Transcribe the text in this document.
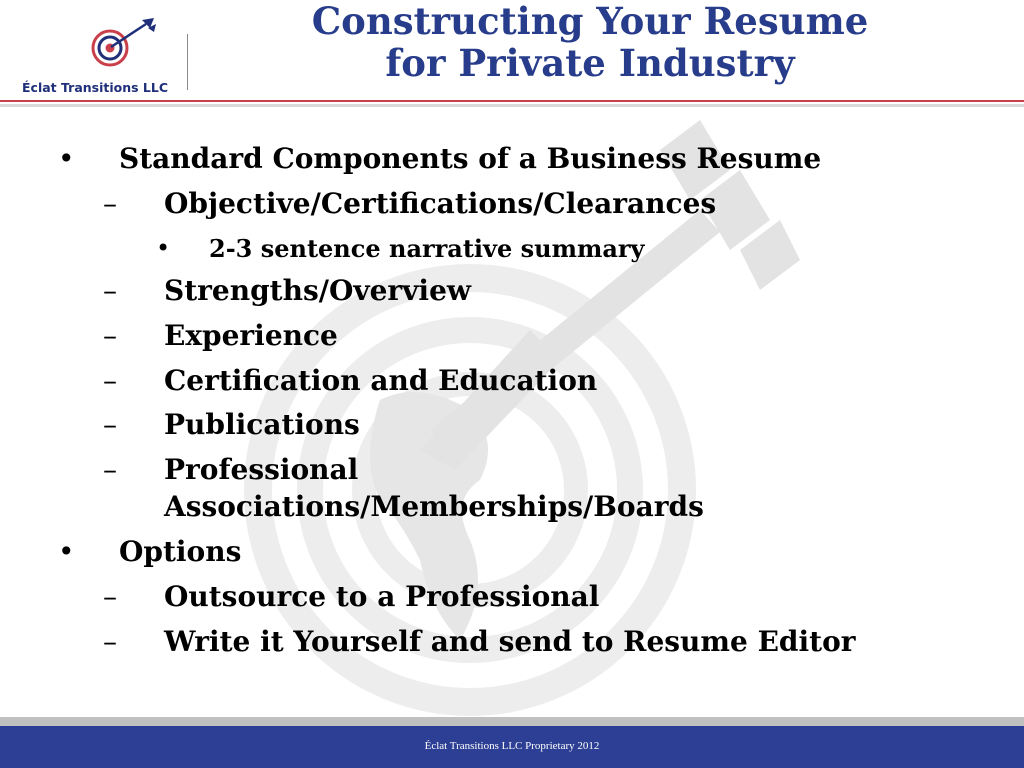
Éclat Transitions LLC
Constructing Your Resume
for Private Industry
• Standard Components of a Business Resume
– Objective/Certifications/Clearances
• 2-3 sentence narrative summary
– Strengths/Overview
– Experience
– Certification and Education
– Publications
– Professional
Associations/Memberships/Boards
• Options
– Outsource to a Professional
– Write it Yourself and send to Resume Editor
Éclat Transitions LLC Proprietary 2012
